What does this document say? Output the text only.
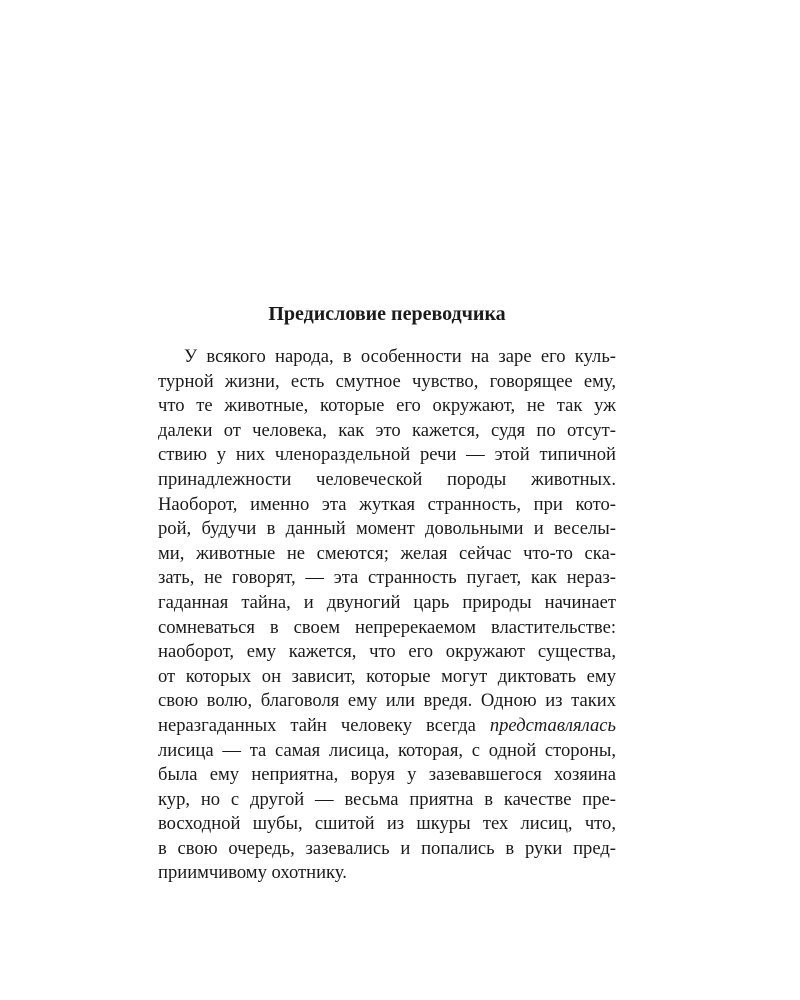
Предисловие переводчика
У всякого народа, в особенности на заре его куль-
турной жизни, есть смутное чувство, говорящее ему,
что те животные, которые его окружают, не так уж
далеки от человека, как это кажется, судя по отсут-
ствию у них членораздельной речи — этой типичной
принадлежности человеческой породы животных.
Наоборот, именно эта жуткая странность, при кото-
рой, будучи в данный момент довольными и веселы-
ми, животные не смеются; желая сейчас что-то ска-
зать, не говорят, — эта странность пугает, как нераз-
гаданная тайна, и двуногий царь природы начинает
сомневаться в своем непререкаемом властительстве:
наоборот, ему кажется, что его окружают существа,
от которых он зависит, которые могут диктовать ему
свою волю, благоволя ему или вредя. Одною из таких
неразгаданных тайн человеку всегда представлялась
лисица — та самая лисица, которая, с одной стороны,
была ему неприятна, воруя у зазевавшегося хозяина
кур, но с другой — весьма приятна в качестве пре-
восходной шубы, сшитой из шкуры тех лисиц, что,
в свою очередь, зазевались и попались в руки пред-
приимчивому охотнику.
